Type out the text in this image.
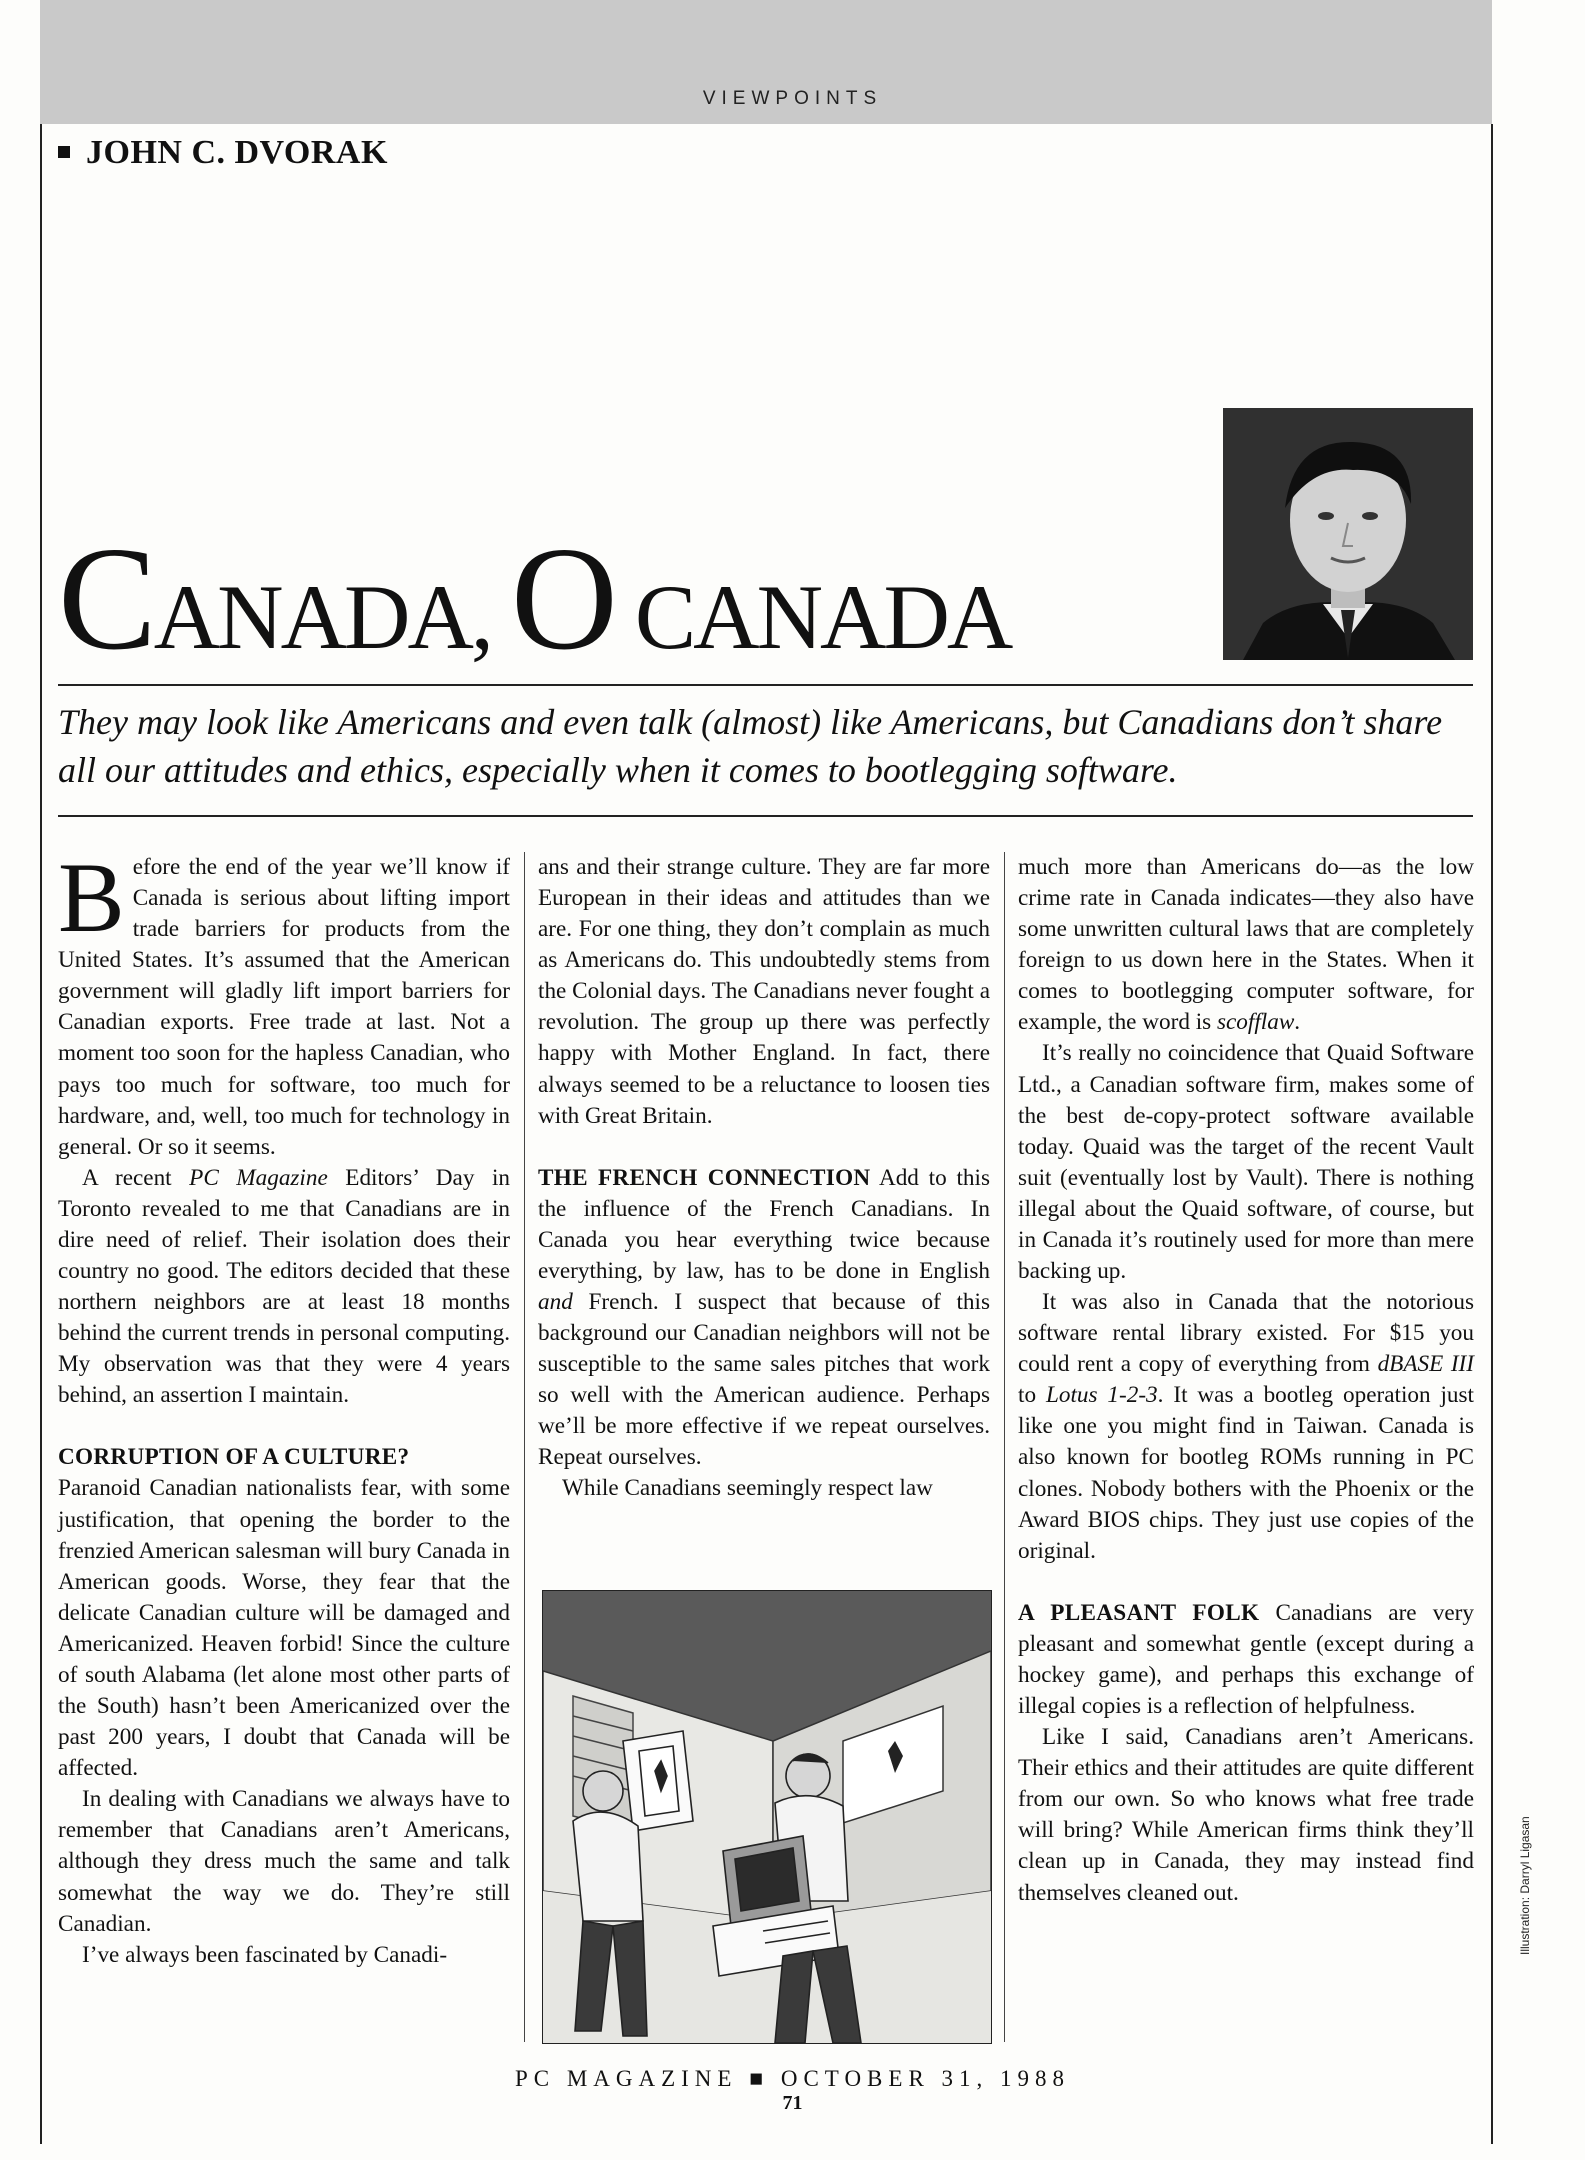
VIEWPOINTS
JOHN C. DVORAK
CANADA, O CANADA

They may look like Americans and even talk (almost) like Americans, but Canadians don’t share all our attitudes and ethics, especially when it comes to bootlegging software.

Before the end of the year we’ll know if Canada is serious about lifting import trade barriers for products from the United States. It’s assumed that the American government will gladly lift import barriers for Canadian exports. Free trade at last. Not a moment too soon for the hapless Canadian, who pays too much for software, too much for hardware, and, well, too much for technology in general. Or so it seems.

A recent PC Magazine Editors’ Day in Toronto revealed to me that Canadians are in dire need of relief. Their isolation does their country no good. The editors decided that these northern neighbors are at least 18 months behind the current trends in personal computing. My observation was that they were 4 years behind, an assertion I maintain.

CORRUPTION OF A CULTURE?

Paranoid Canadian nationalists fear, with some justification, that opening the border to the frenzied American salesman will bury Canada in American goods. Worse, they fear that the delicate Canadian culture will be damaged and Americanized. Heaven forbid! Since the culture of south Alabama (let alone most other parts of the South) hasn’t been Americanized over the past 200 years, I doubt that Canada will be affected.

In dealing with Canadians we always have to remember that Canadians aren’t Americans, although they dress much the same and talk somewhat the way we do. They’re still Canadian.

I’ve always been fascinated by Canadi-

ans and their strange culture. They are far more European in their ideas and attitudes than we are. For one thing, they don’t complain as much as Americans do. This undoubtedly stems from the Colonial days. The Canadians never fought a revolution. The group up there was perfectly happy with Mother England. In fact, there always seemed to be a reluctance to loosen ties with Great Britain.

THE FRENCH CONNECTION Add to this the influence of the French Canadians. In Canada you hear everything twice because everything, by law, has to be done in English and French. I suspect that because of this background our Canadian neighbors will not be susceptible to the same sales pitches that work so well with the American audience. Perhaps we’ll be more effective if we repeat ourselves. Repeat ourselves.

While Canadians seemingly respect law

much more than Americans do—as the low crime rate in Canada indicates—they also have some unwritten cultural laws that are completely foreign to us down here in the States. When it comes to bootlegging computer software, for example, the word is scofflaw.

It’s really no coincidence that Quaid Software Ltd., a Canadian software firm, makes some of the best de-copy-protect software available today. Quaid was the target of the recent Vault suit (eventually lost by Vault). There is nothing illegal about the Quaid software, of course, but in Canada it’s routinely used for more than mere backing up.

It was also in Canada that the notorious software rental library existed. For $15 you could rent a copy of everything from dBASE III to Lotus 1-2-3. It was a bootleg operation just like one you might find in Taiwan. Canada is also known for bootleg ROMs running in PC clones. Nobody bothers with the Phoenix or the Award BIOS chips. They just use copies of the original.

A PLEASANT FOLK Canadians are very pleasant and somewhat gentle (except during a hockey game), and perhaps this exchange of illegal copies is a reflection of helpfulness.

Like I said, Canadians aren’t Americans. Their ethics and their attitudes are quite different from our own. So who knows what free trade will bring? While American firms think they’ll clean up in Canada, they may instead find themselves cleaned out.	Illustration: Darryl Ligasan
PC MAGAZINE ■ OCTOBER 31, 1988
71
